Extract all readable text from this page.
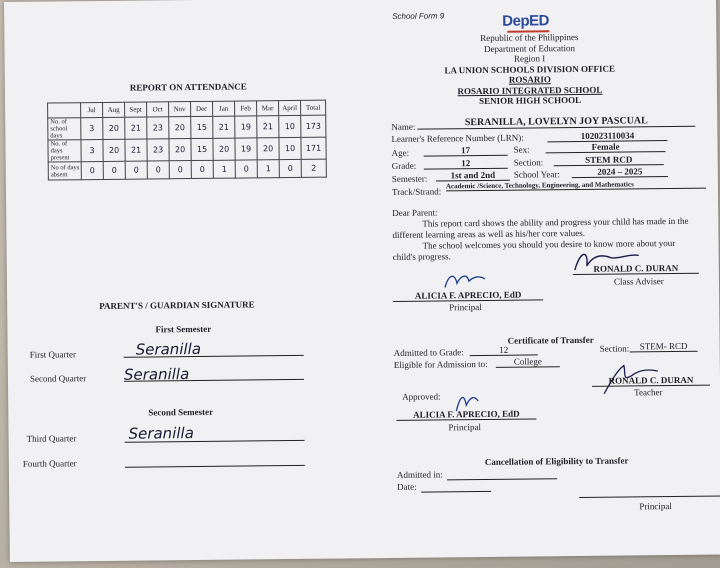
School Form 9	DepED
Republic of the Philippines
Department of Education
Region I
LA UNION SCHOOLS DIVISION OFFICE
ROSARIO
ROSARIO INTEGRATED SCHOOL
SENIOR HIGH SCHOOL
REPORT ON ATTENDANCE
	Jul	Aug	Sept	Oct	Nov	Dec	Jan	Feb	Mar	April	Total
No. of school days	3	20	21	23	20	15	21	19	21	10	173
No. of days present	3	20	21	23	20	15	20	19	20	10	171
No of days absent	0	0	0	0	0	0	1	0	1	0	2
Name:	SERANILLA, LOVELYN JOY PASCUAL
Learner's Reference Number (LRN):	102023110034
Age:	17	Sex:	Female
Grade:	12	Section:	STEM RCD
Semester:	1st and 2nd	School Year:	2024 – 2025
Track/Strand:
Academic /Science, Technology, Engineering, and Mathematics
Dear Parent:
This report card shows the ability and progress your child has made in the different learning areas as well as his/her core values.
The school welcomes you should you desire to know more about your child's progress.
RONALD C. DURAN
Class Adviser
ALICIA F. APRECIO, EdD
Principal
PARENT'S / GUARDIAN SIGNATURE
First Semester
First Quarter	Seranilla
Second Quarter	Seranilla
Second Semester
Third Quarter	Seranilla
Fourth Quarter
Certificate of Transfer
Admitted to Grade:	12	Section:	STEM- RCD
Eligible for Admission to:	College
RONALD C. DURAN
Teacher
Approved:
ALICIA F. APRECIO, EdD
Principal
Cancellation of Eligibility to Transfer
Admitted in:
Date:
Principal
